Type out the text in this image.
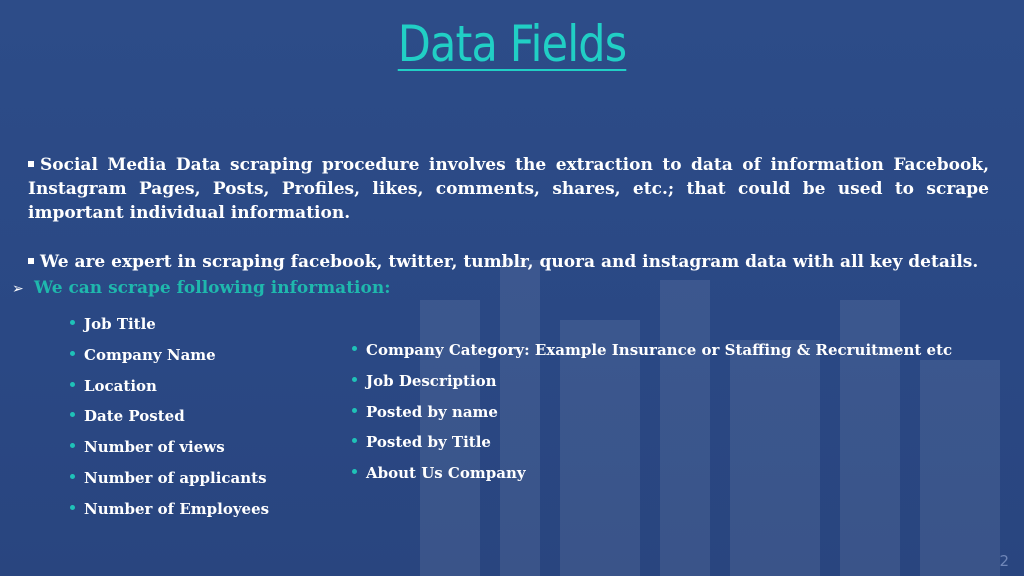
Data Fields
Social Media Data scraping procedure involves the extraction to data of information Facebook, Instagram Pages, Posts, Profiles, likes, comments, shares, etc.; that could be used to scrape important individual information.
We are expert in scraping facebook, twitter, tumblr, quora and instagram data with all key details.
➢ We can scrape following information:
Job Title
Company Name
Location
Date Posted
Number of views
Number of applicants
Number of Employees
Company Category: Example Insurance or Staffing & Recruitment etc
Job Description
Posted by name
Posted by Title
About Us Company
2
